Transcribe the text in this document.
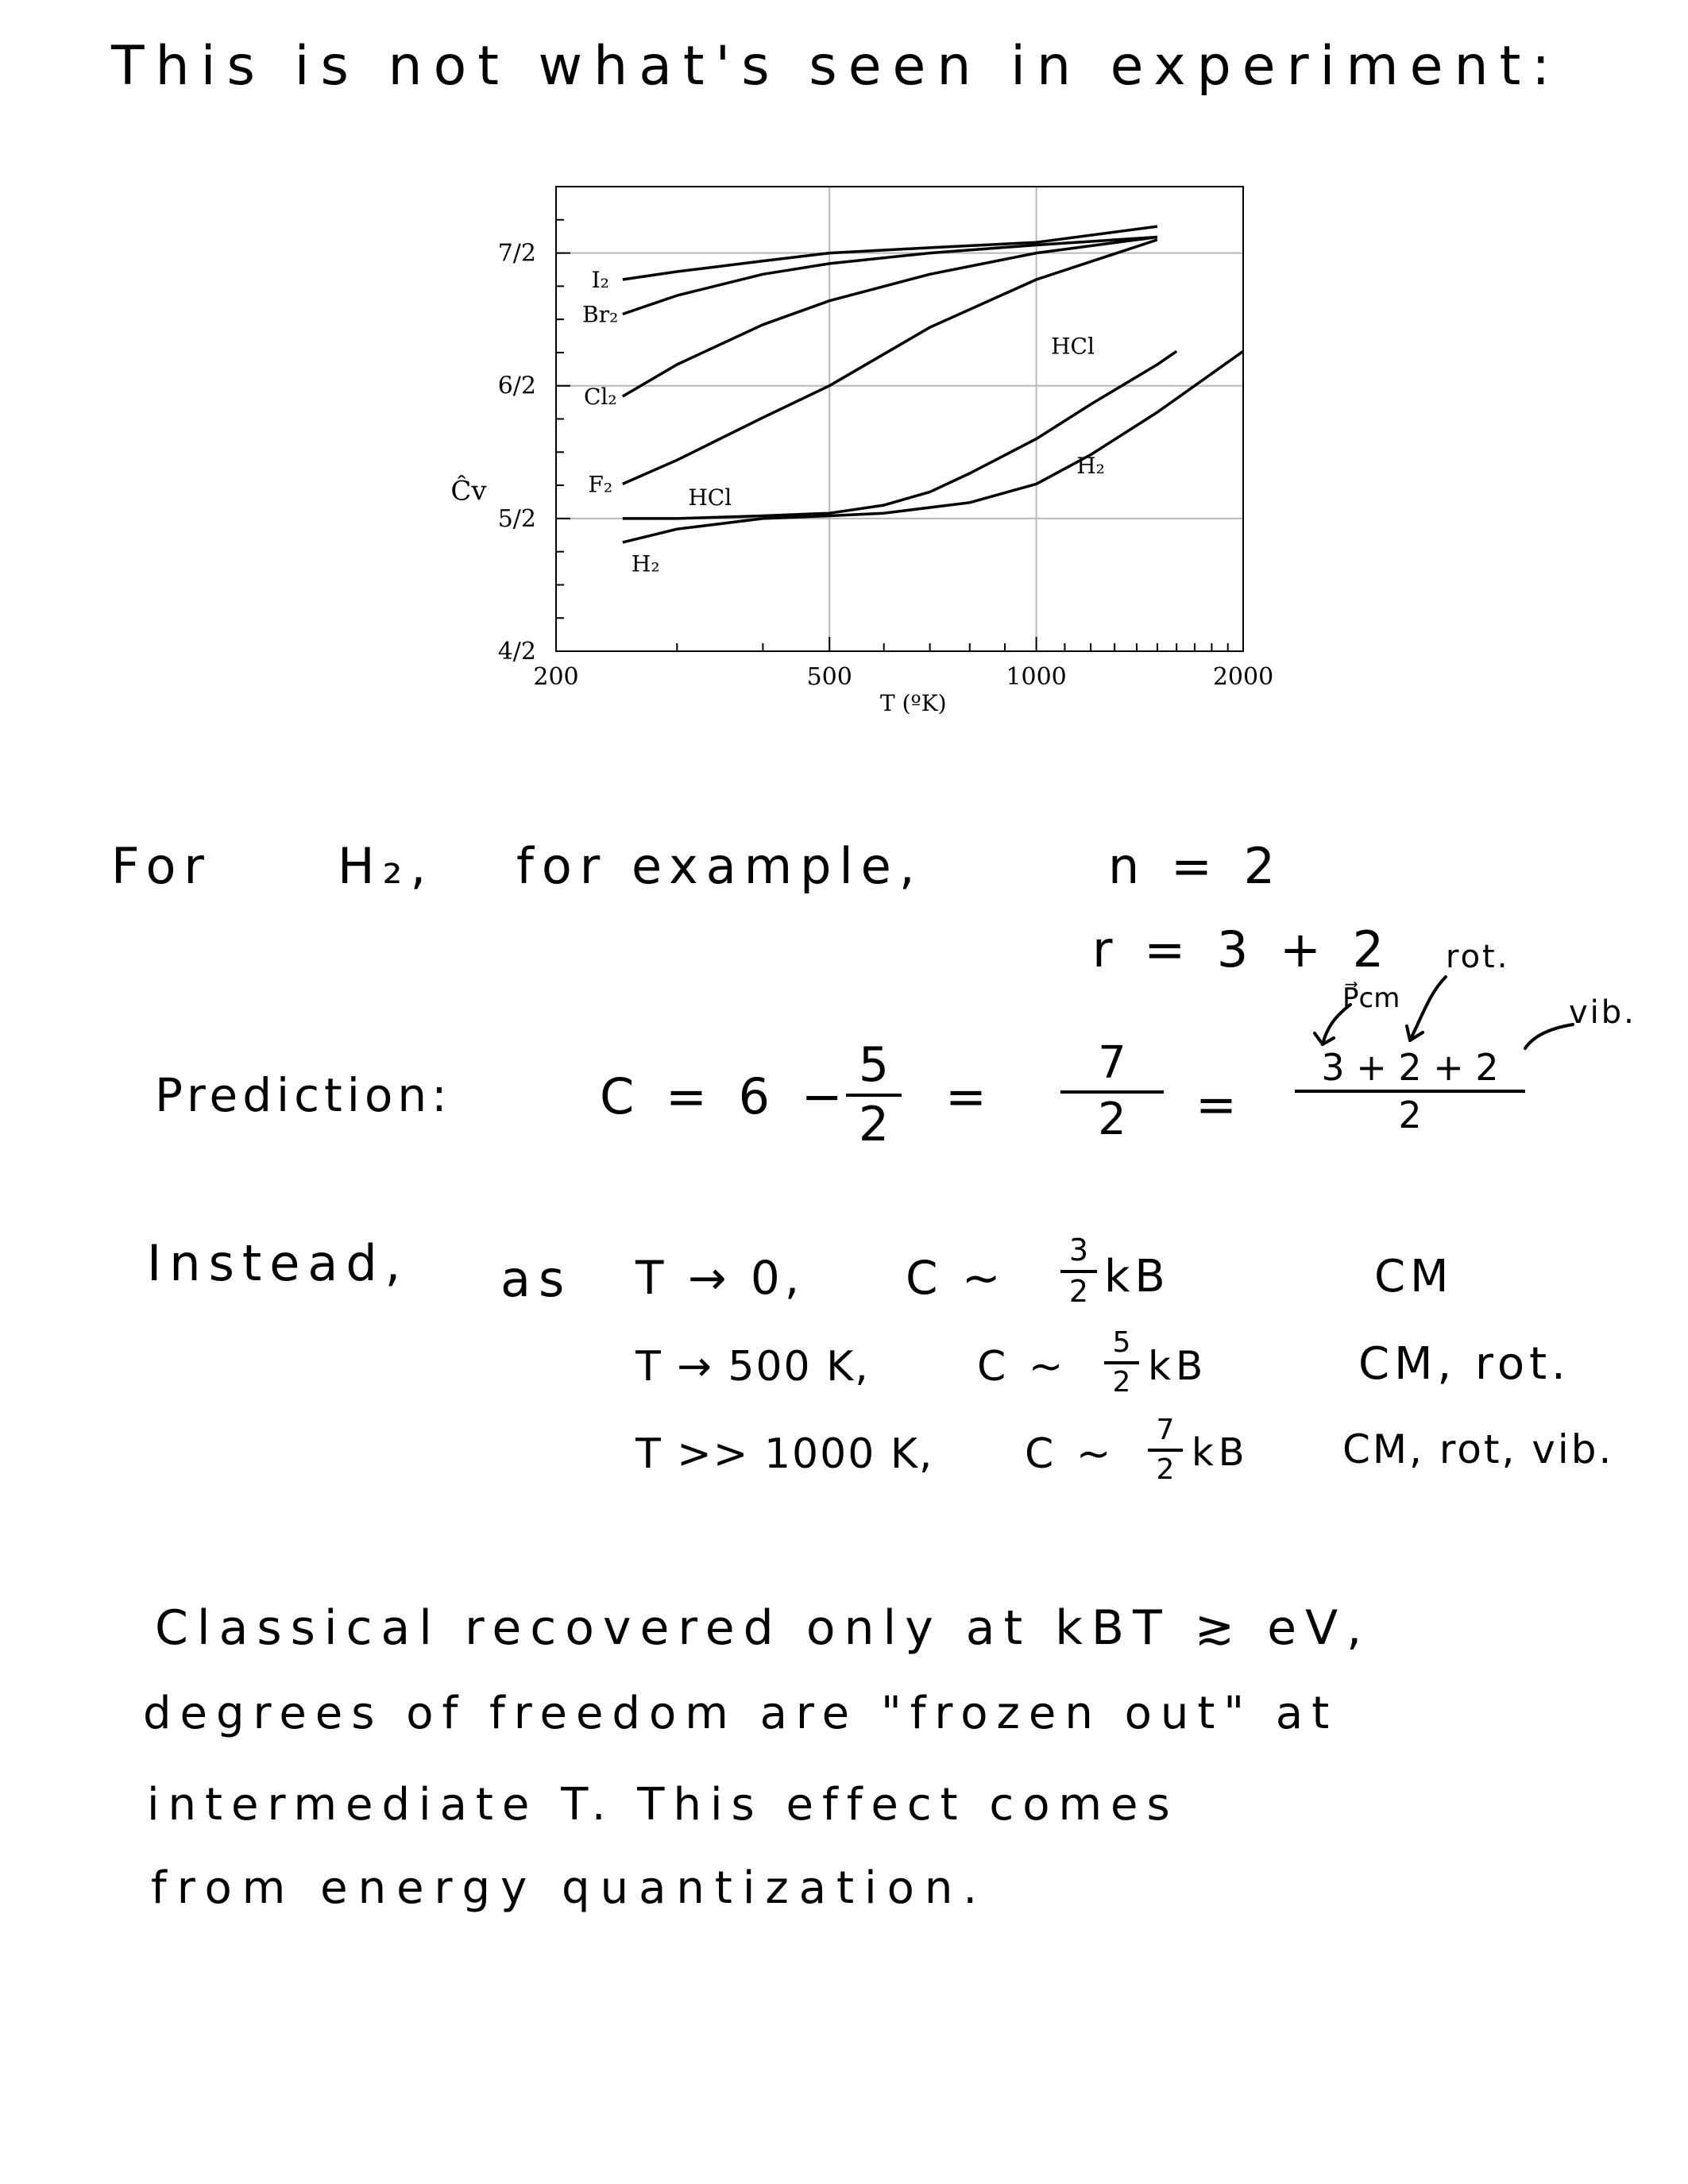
This is not what's seen in experiment:
200	500	1000	2000
4/2
5/2
6/2
7/2
T (ºK)
Ĉv
I₂
Br₂
Cl₂
F₂
HCl
H₂
HCl
H₂
For	H₂, for example,	n = 2
r = 3 + 2 rot.
P⃗cm	vib.
Prediction:	C = 6 −
5
2 =
7
2	=
3 + 2 + 2
2
Instead, as T → 0, C ~
3
2 kB	CM
T → 500 K,	C ~
5
2 kB	CM, rot.
T >> 1000 K, C ~
7
2 kB CM, rot, vib.
Classical recovered only at kBT ≳ eV,
degrees of freedom are "frozen out" at
intermediate T. This effect comes
from energy quantization.
